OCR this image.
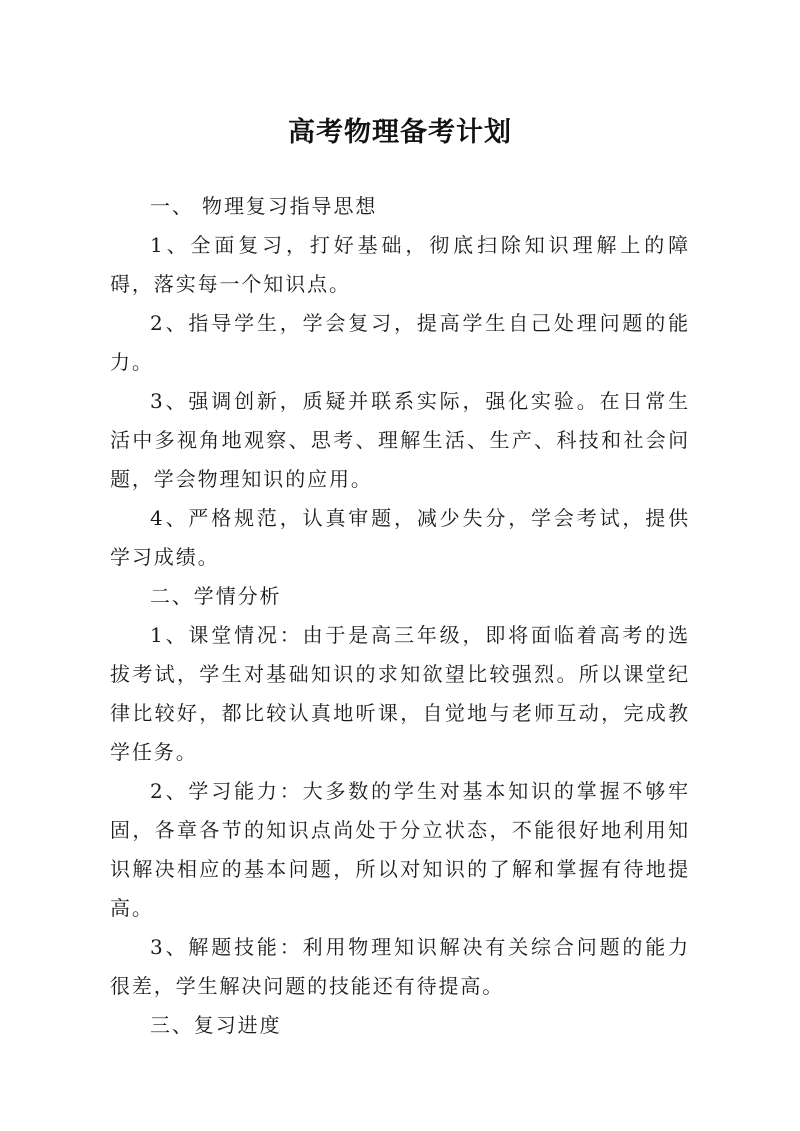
高考物理备考计划

一、 物理复习指导思想

1、全面复习，打好基础，彻底扫除知识理解上的障碍，落实每一个知识点。

2、指导学生，学会复习，提高学生自己处理问题的能力。

3、强调创新，质疑并联系实际，强化实验。在日常生活中多视角地观察、思考、理解生活、生产、科技和社会问题，学会物理知识的应用。

4、严格规范，认真审题，减少失分，学会考试，提供学习成绩。

二、学情分析

1、课堂情况：由于是高三年级，即将面临着高考的选拔考试，学生对基础知识的求知欲望比较强烈。所以课堂纪律比较好，都比较认真地听课，自觉地与老师互动，完成教学任务。

2、学习能力：大多数的学生对基本知识的掌握不够牢固，各章各节的知识点尚处于分立状态，不能很好地利用知识解决相应的基本问题，所以对知识的了解和掌握有待地提高。

3、解题技能：利用物理知识解决有关综合问题的能力很差，学生解决问题的技能还有待提高。

三、复习进度
